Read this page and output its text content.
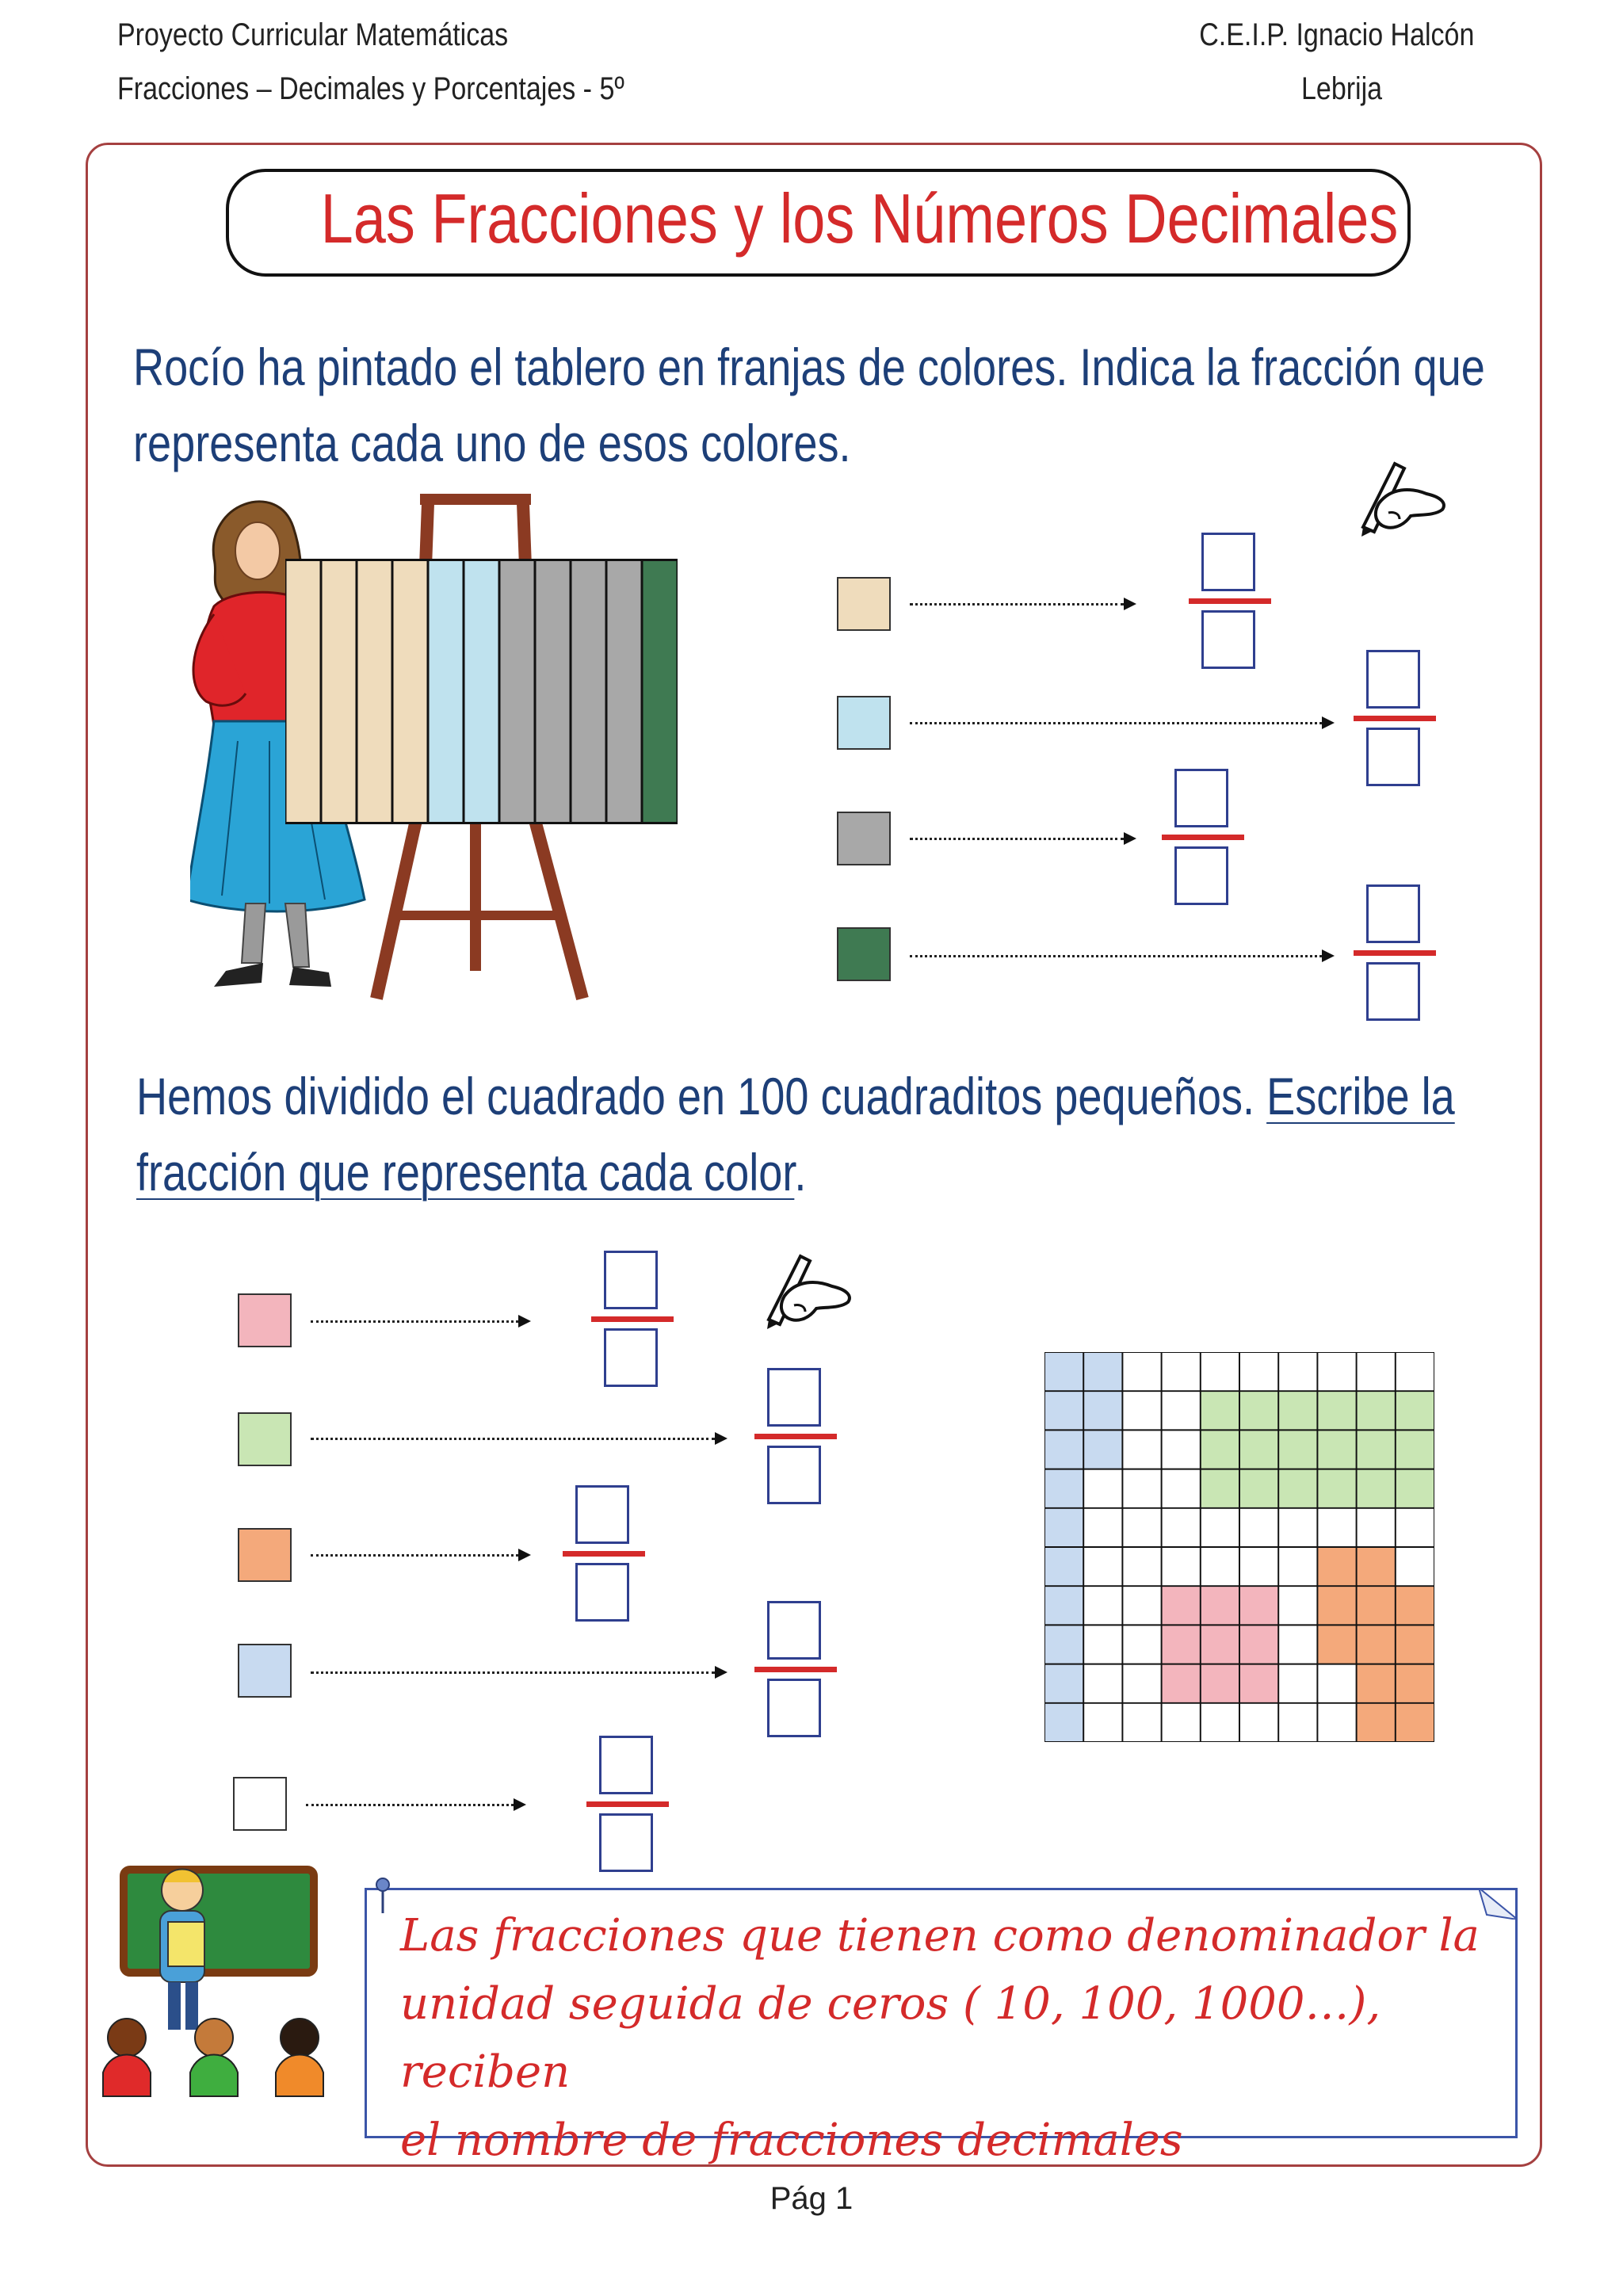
Proyecto Curricular Matemáticas
Fracciones – Decimales y Porcentajes - 5º
C.E.I.P. Ignacio Halcón
Lebrija
Las Fracciones y los Números Decimales
Rocío ha pintado el tablero en franjas de colores. Indica la fracción que
representa cada uno de esos colores.
Hemos dividido el cuadrado en 100 cuadraditos pequeños. Escribe la
fracción que representa cada color.
Las fracciones que tienen como denominador la
unidad seguida de ceros ( 10, 100, 1000…), reciben
el nombre de fracciones decimales
Pág 1
